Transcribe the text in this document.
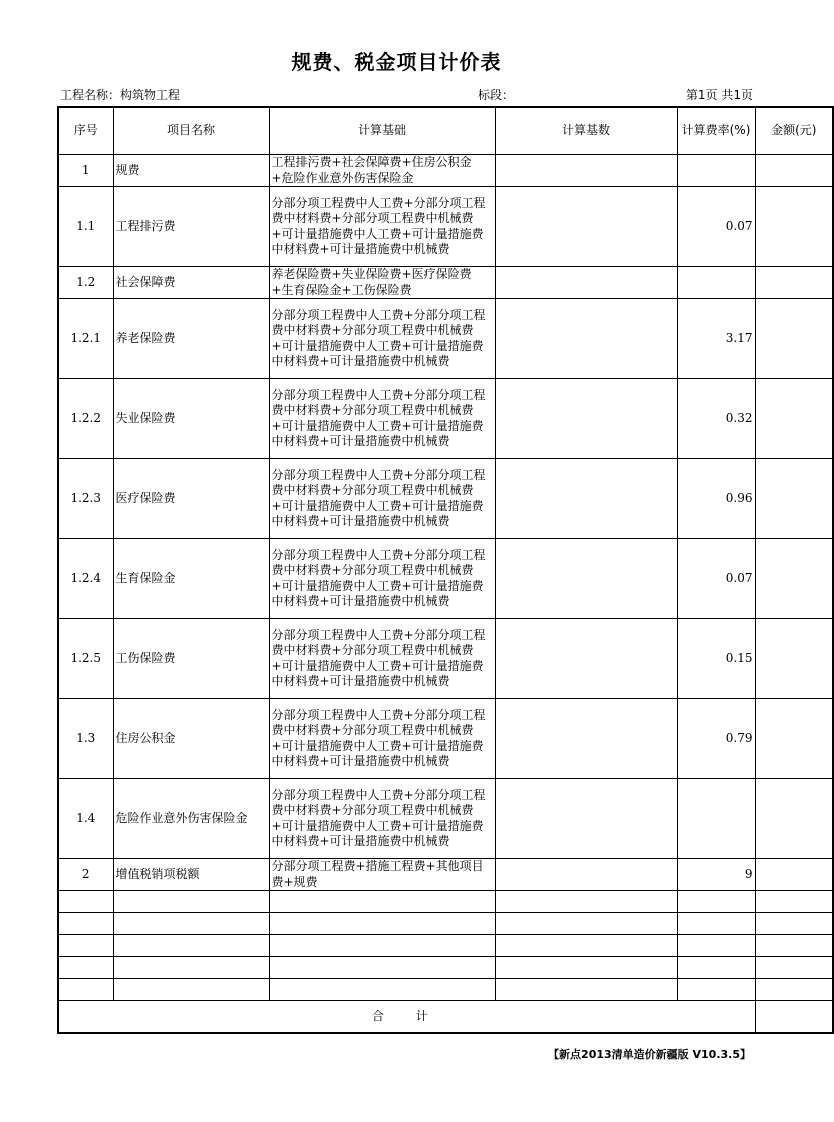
规费、税金项目计价表
工程名称：构筑物工程	标段：	第1页 共1页
序号	项目名称	计算基础	计算基数	计算费率(%)	金额(元)
1	规费	工程排污费+社会保障费+住房公积金+危险作业意外伤害保险金			
1.1	工程排污费	分部分项工程费中人工费+分部分项工程费中材料费+分部分项工程费中机械费+可计量措施费中人工费+可计量措施费中材料费+可计量措施费中机械费		0.07	
1.2	社会保障费	养老保险费+失业保险费+医疗保险费+生育保险金+工伤保险费			
1.2.1	养老保险费	分部分项工程费中人工费+分部分项工程费中材料费+分部分项工程费中机械费+可计量措施费中人工费+可计量措施费中材料费+可计量措施费中机械费		3.17	
1.2.2	失业保险费	分部分项工程费中人工费+分部分项工程费中材料费+分部分项工程费中机械费+可计量措施费中人工费+可计量措施费中材料费+可计量措施费中机械费		0.32	
1.2.3	医疗保险费	分部分项工程费中人工费+分部分项工程费中材料费+分部分项工程费中机械费+可计量措施费中人工费+可计量措施费中材料费+可计量措施费中机械费		0.96	
1.2.4	生育保险金	分部分项工程费中人工费+分部分项工程费中材料费+分部分项工程费中机械费+可计量措施费中人工费+可计量措施费中材料费+可计量措施费中机械费		0.07	
1.2.5	工伤保险费	分部分项工程费中人工费+分部分项工程费中材料费+分部分项工程费中机械费+可计量措施费中人工费+可计量措施费中材料费+可计量措施费中机械费		0.15	
1.3	住房公积金	分部分项工程费中人工费+分部分项工程费中材料费+分部分项工程费中机械费+可计量措施费中人工费+可计量措施费中材料费+可计量措施费中机械费		0.79	
1.4	危险作业意外伤害保险金	分部分项工程费中人工费+分部分项工程费中材料费+分部分项工程费中机械费+可计量措施费中人工费+可计量措施费中材料费+可计量措施费中机械费			
2	增值税销项税额	分部分项工程费+措施工程费+其他项目费+规费		9	

合 计					
【新点2013清单造价新疆版 V10.3.5】
